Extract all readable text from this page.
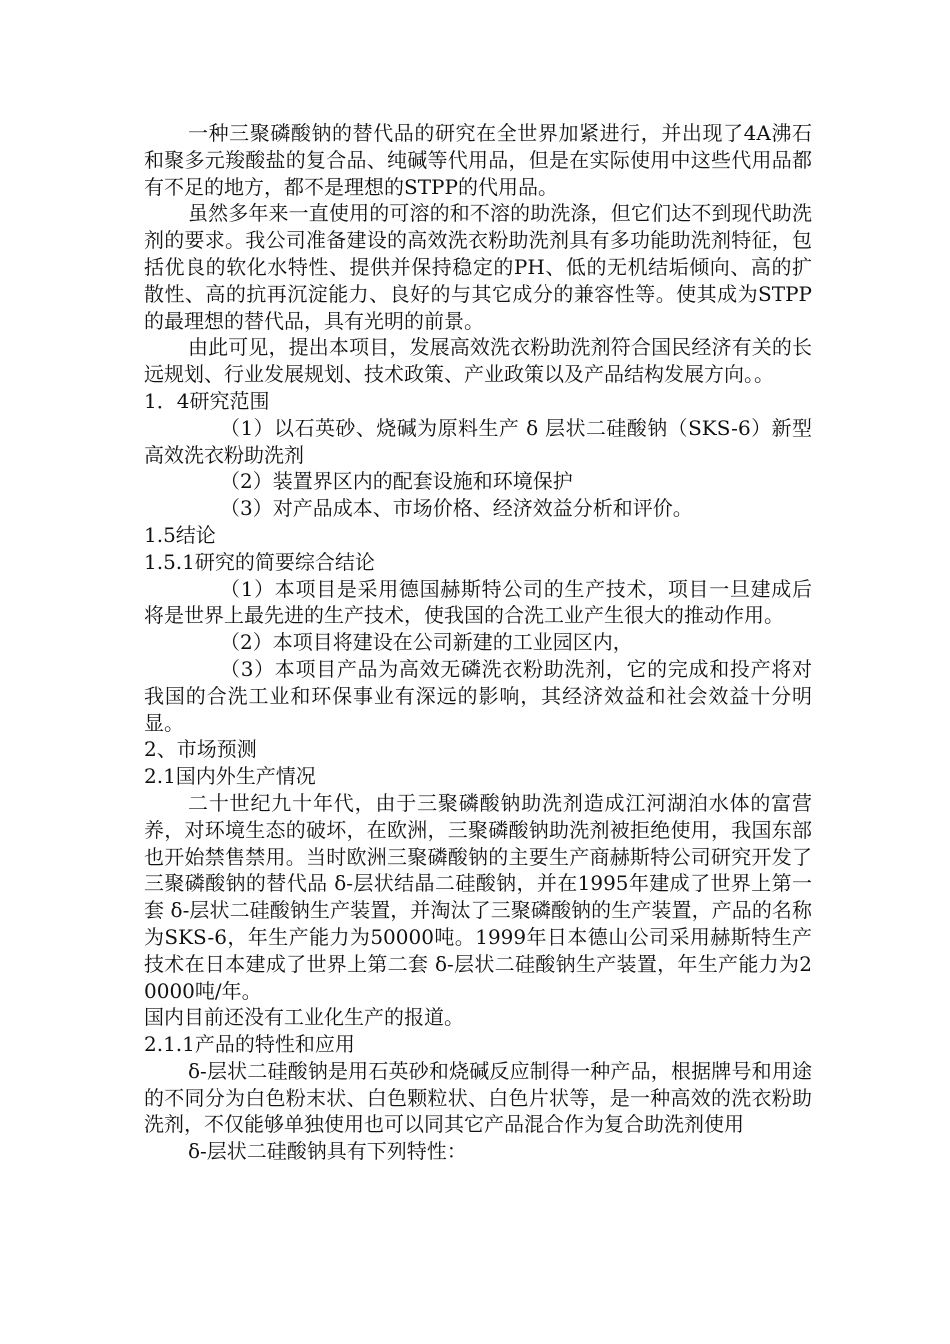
一种三聚磷酸钠的替代品的研究在全世界加紧进行，并出现了4A沸石和聚多元羧酸盐的复合品、纯碱等代用品，但是在实际使用中这些代用品都有不足的地方，都不是理想的STPP的代用品。

虽然多年来一直使用的可溶的和不溶的助洗涤，但它们达不到现代助洗剂的要求。我公司准备建设的高效洗衣粉助洗剂具有多功能助洗剂特征，包括优良的软化水特性、提供并保持稳定的PH、低的无机结垢倾向、高的扩散性、高的抗再沉淀能力、良好的与其它成分的兼容性等。使其成为STPP的最理想的替代品，具有光明的前景。

由此可见，提出本项目，发展高效洗衣粉助洗剂符合国民经济有关的长远规划、行业发展规划、技术政策、产业政策以及产品结构发展方向。。

1．4研究范围

（1）以石英砂、烧碱为原料生产 δ 层状二硅酸钠（SKS-6）新型高效洗衣粉助洗剂

（2）装置界区内的配套设施和环境保护

（3）对产品成本、市场价格、经济效益分析和评价。

1.5结论

1.5.1研究的简要综合结论

（1）本项目是采用德国赫斯特公司的生产技术，项目一旦建成后将是世界上最先进的生产技术，使我国的合洗工业产生很大的推动作用。

（2）本项目将建设在公司新建的工业园区内，

（3）本项目产品为高效无磷洗衣粉助洗剂，它的完成和投产将对我国的合洗工业和环保事业有深远的影响，其经济效益和社会效益十分明显。

2、市场预测

2.1国内外生产情况

二十世纪九十年代，由于三聚磷酸钠助洗剂造成江河湖泊水体的富营养，对环境生态的破坏，在欧洲，三聚磷酸钠助洗剂被拒绝使用，我国东部也开始禁售禁用。当时欧洲三聚磷酸钠的主要生产商赫斯特公司研究开发了三聚磷酸钠的替代品 δ-层状结晶二硅酸钠，并在1995年建成了世界上第一套 δ-层状二硅酸钠生产装置，并淘汰了三聚磷酸钠的生产装置，产品的名称为SKS-6，年生产能力为50000吨。1999年日本德山公司采用赫斯特生产技术在日本建成了世界上第二套 δ-层状二硅酸钠生产装置，年生产能力为20000吨/年。

国内目前还没有工业化生产的报道。

2.1.1产品的特性和应用

δ-层状二硅酸钠是用石英砂和烧碱反应制得一种产品，根据牌号和用途的不同分为白色粉末状、白色颗粒状、白色片状等，是一种高效的洗衣粉助洗剂，不仅能够单独使用也可以同其它产品混合作为复合助洗剂使用

δ-层状二硅酸钠具有下列特性：
